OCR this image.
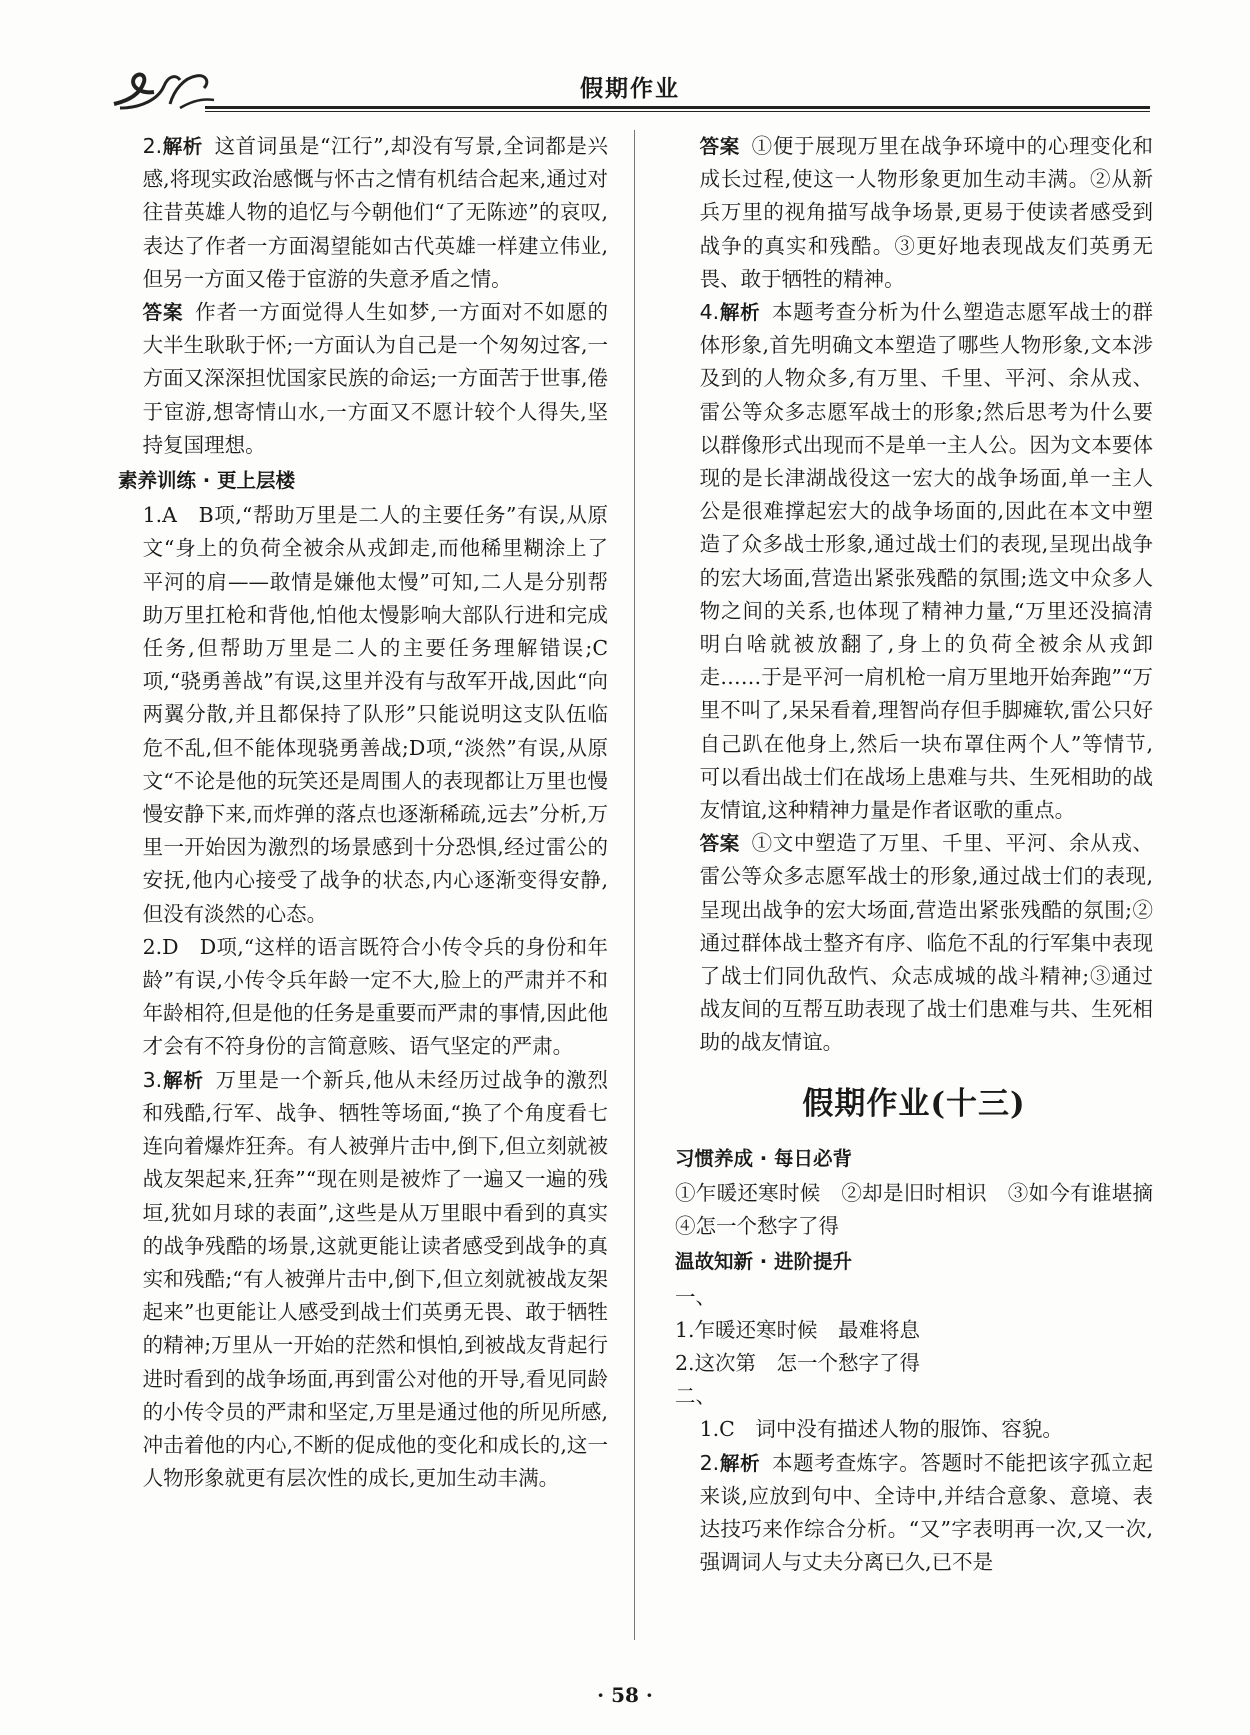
假期作业

2.解析 这首词虽是“江行”,却没有写景,全词都是兴感,将现实政治感慨与怀古之情有机结合起来,通过对往昔英雄人物的追忆与今朝他们“了无陈迹”的哀叹,表达了作者一方面渴望能如古代英雄一样建立伟业,但另一方面又倦于宦游的失意矛盾之情。

答案 作者一方面觉得人生如梦,一方面对不如愿的大半生耿耿于怀;一方面认为自己是一个匆匆过客,一方面又深深担忧国家民族的命运;一方面苦于世事,倦于宦游,想寄情山水,一方面又不愿计较个人得失,坚持复国理想。

素养训练 · 更上层楼

1.A　B项,“帮助万里是二人的主要任务”有误,从原文“身上的负荷全被余从戎卸走,而他稀里糊涂上了平河的肩——敢情是嫌他太慢”可知,二人是分别帮助万里扛枪和背他,怕他太慢影响大部队行进和完成任务,但帮助万里是二人的主要任务理解错误;C项,“骁勇善战”有误,这里并没有与敌军开战,因此“向两翼分散,并且都保持了队形”只能说明这支队伍临危不乱,但不能体现骁勇善战;D项,“淡然”有误,从原文“不论是他的玩笑还是周围人的表现都让万里也慢慢安静下来,而炸弹的落点也逐渐稀疏,远去”分析,万里一开始因为激烈的场景感到十分恐惧,经过雷公的安抚,他内心接受了战争的状态,内心逐渐变得安静,但没有淡然的心态。

2.D　D项,“这样的语言既符合小传令兵的身份和年龄”有误,小传令兵年龄一定不大,脸上的严肃并不和年龄相符,但是他的任务是重要而严肃的事情,因此他才会有不符身份的言简意赅、语气坚定的严肃。

3.解析 万里是一个新兵,他从未经历过战争的激烈和残酷,行军、战争、牺牲等场面,“换了个角度看七连向着爆炸狂奔。有人被弹片击中,倒下,但立刻就被战友架起来,狂奔”“现在则是被炸了一遍又一遍的残垣,犹如月球的表面”,这些是从万里眼中看到的真实的战争残酷的场景,这就更能让读者感受到战争的真实和残酷;“有人被弹片击中,倒下,但立刻就被战友架起来”也更能让人感受到战士们英勇无畏、敢于牺牲的精神;万里从一开始的茫然和惧怕,到被战友背起行进时看到的战争场面,再到雷公对他的开导,看见同龄的小传令员的严肃和坚定,万里是通过他的所见所感,冲击着他的内心,不断的促成他的变化和成长的,这一人物形象就更有层次性的成长,更加生动丰满。

答案 ①便于展现万里在战争环境中的心理变化和成长过程,使这一人物形象更加生动丰满。②从新兵万里的视角描写战争场景,更易于使读者感受到战争的真实和残酷。③更好地表现战友们英勇无畏、敢于牺牲的精神。

4.解析 本题考查分析为什么塑造志愿军战士的群体形象,首先明确文本塑造了哪些人物形象,文本涉及到的人物众多,有万里、千里、平河、余从戎、雷公等众多志愿军战士的形象;然后思考为什么要以群像形式出现而不是单一主人公。因为文本要体现的是长津湖战役这一宏大的战争场面,单一主人公是很难撑起宏大的战争场面的,因此在本文中塑造了众多战士形象,通过战士们的表现,呈现出战争的宏大场面,营造出紧张残酷的氛围;选文中众多人物之间的关系,也体现了精神力量,“万里还没搞清明白啥就被放翻了,身上的负荷全被余从戎卸走……于是平河一肩机枪一肩万里地开始奔跑”“万里不叫了,呆呆看着,理智尚存但手脚瘫软,雷公只好自己趴在他身上,然后一块布罩住两个人”等情节,可以看出战士们在战场上患难与共、生死相助的战友情谊,这种精神力量是作者讴歌的重点。

答案 ①文中塑造了万里、千里、平河、余从戎、雷公等众多志愿军战士的形象,通过战士们的表现,呈现出战争的宏大场面,营造出紧张残酷的氛围;②通过群体战士整齐有序、临危不乱的行军集中表现了战士们同仇敌忾、众志成城的战斗精神;③通过战友间的互帮互助表现了战士们患难与共、生死相助的战友情谊。

假期作业(十三)
习惯养成 · 每日必背

①乍暖还寒时候　②却是旧时相识　③如今有谁堪摘　④怎一个愁字了得

温故知新 · 进阶提升

一、

1.乍暖还寒时候　最难将息

2.这次第　怎一个愁字了得

二、

1.C　词中没有描述人物的服饰、容貌。

2.解析 本题考查炼字。答题时不能把该字孤立起来谈,应放到句中、全诗中,并结合意象、意境、表达技巧来作综合分析。“又”字表明再一次,又一次,强调词人与丈夫分离已久,已不是

· 58 ·
